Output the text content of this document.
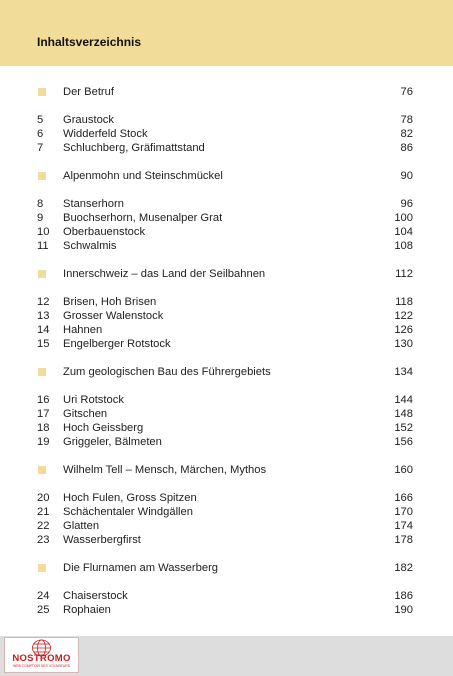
Inhaltsverzeichnis
Der Betruf	76
5 Graustock	78
6 Widderfeld Stock	82
7 Schluchberg, Gräfimattstand	86
Alpenmohn und Steinschmückel	90
8 Stanserhorn	96
9 Buochserhorn, Musenalper Grat	100
10 Oberbauenstock	104
11 Schwalmis	108
Innerschweiz – das Land der Seilbahnen	112
12 Brisen, Hoh Brisen	118
13 Grosser Walenstock	122
14 Hahnen	126
15 Engelberger Rotstock	130
Zum geologischen Bau des Führergebiets	134
16 Uri Rotstock	144
17 Gitschen	148
18 Hoch Geissberg	152
19 Griggeler, Bälmeten	156
Wilhelm Tell – Mensch, Märchen, Mythos	160
20 Hoch Fulen, Gross Spitzen	166
21 Schächentaler Windgällen	170
22 Glatten	174
23 Wasserbergfirst	178
Die Flurnamen am Wasserberg	182
24 Chaiserstock	186
25 Rophaien	190
NOSTROMO
WEB COMPTOIR DES VOYAGEURS
